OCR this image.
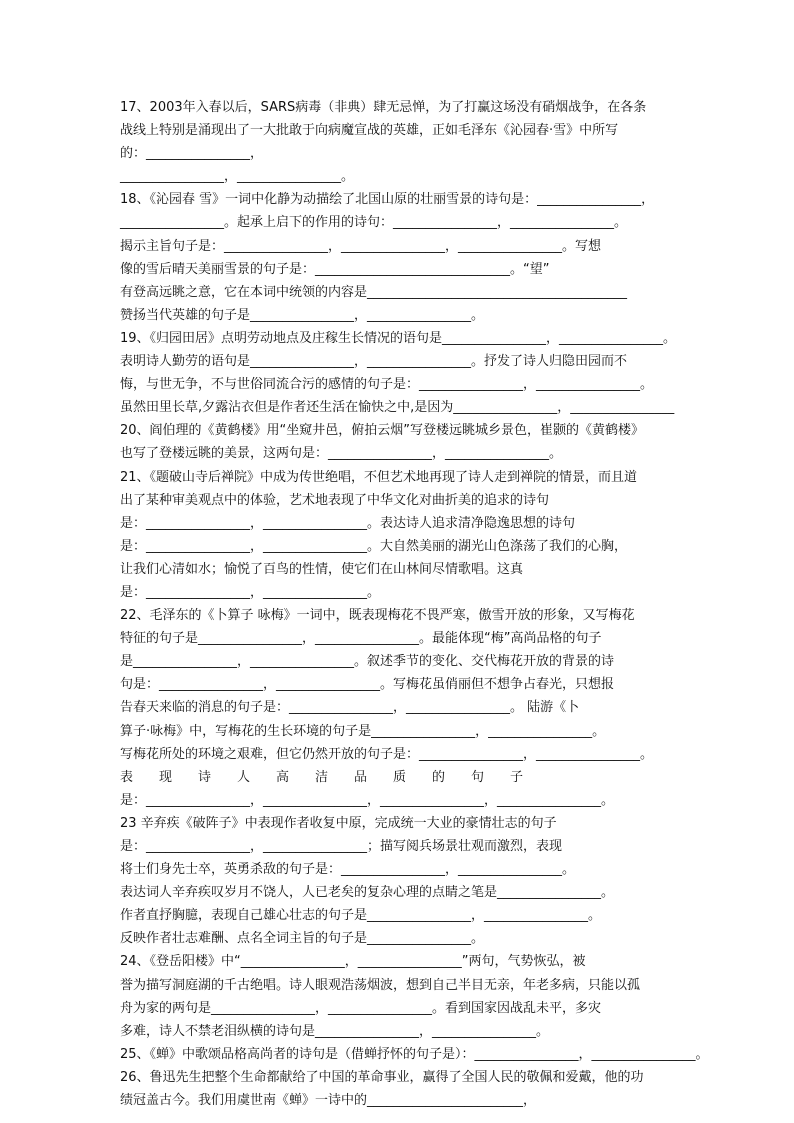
17、2003年入春以后，SARS病毒（非典）肆无忌惮，为了打赢这场没有硝烟战争，在各条
战线上特别是涌现出了一大批敢于向病魔宣战的英雄，正如毛泽东《沁园春·雪》中所写
的：________________，
________________，________________。
18、《沁园春 雪》一词中化静为动描绘了北国山原的壮丽雪景的诗句是：________________，
________________。起承上启下的作用的诗句：________________，________________。
揭示主旨句子是：________________，________________，________________。写想
像的雪后晴天美丽雪景的句子是：______________________________。“望”
有登高远眺之意，它在本词中统领的内容是________________________________________
赞扬当代英雄的句子是________________，________________。
19、《归园田居》点明劳动地点及庄稼生长情况的语句是________________，________________。
表明诗人勤劳的语句是________________，________________。抒发了诗人归隐田园而不
悔，与世无争，不与世俗同流合污的感情的句子是：________________，________________。
虽然田里长草,夕露沾衣但是作者还生活在愉快之中,是因为________________，________________
20、阎伯理的《黄鹤楼》用“坐窥井邑，俯拍云烟”写登楼远眺城乡景色，崔颢的《黄鹤楼》
也写了登楼远眺的美景，这两句是：________________，________________。
21、《题破山寺后禅院》中成为传世绝唱，不但艺术地再现了诗人走到禅院的情景，而且道
出了某种审美观点中的体验，艺术地表现了中华文化对曲折美的追求的诗句
是：________________，________________。表达诗人追求清净隐逸思想的诗句
是：________________，________________。大自然美丽的湖光山色涤荡了我们的心胸，
让我们心清如水；愉悦了百鸟的性情，使它们在山林间尽情歌唱。这真
是：________________，________________。
22、毛泽东的《卜算子 咏梅》一词中，既表现梅花不畏严寒，傲雪开放的形象，又写梅花
特征的句子是________________，________________。最能体现“梅”高尚品格的句子
是________________，________________。叙述季节的变化、交代梅花开放的背景的诗
句是：________________，________________。写梅花虽俏丽但不想争占春光，只想报
告春天来临的消息的句子是：________________，________________。 陆游《卜
算子·咏梅》中，写梅花的生长环境的句子是________________，________________。
写梅花所处的环境之艰难，但它仍然开放的句子是：________________，________________。
表　　现　　诗　　人　　高　　洁　　品　　质　　的　　句　　子
是：________________，________________，________________，________________。
23 辛弃疾《破阵子》中表现作者收复中原，完成统一大业的豪情壮志的句子
是：________________，________________；描写阅兵场景壮观而激烈，表现
将士们身先士卒，英勇杀敌的句子是：________________，________________。
表达词人辛弃疾叹岁月不饶人，人已老矣的复杂心理的点睛之笔是________________。
作者直抒胸臆，表现自己雄心壮志的句子是________________，________________。
反映作者壮志难酬、点名全词主旨的句子是________________。
24、《登岳阳楼》中“________________，________________”两句，气势恢弘，被
誉为描写洞庭湖的千古绝唱。诗人眼观浩荡烟波，想到自己半目无亲，年老多病，只能以孤
舟为家的两句是________________，________________。看到国家因战乱未平，多灾
多难，诗人不禁老泪纵横的诗句是________________，________________。
25、《蝉》中歌颂品格高尚者的诗句是（借蝉抒怀的句子是）：________________，________________。
26、鲁迅先生把整个生命都献给了中国的革命事业，赢得了全国人民的敬佩和爱戴，他的功
绩冠盖古今。我们用虞世南《蝉》一诗中的________________________，
